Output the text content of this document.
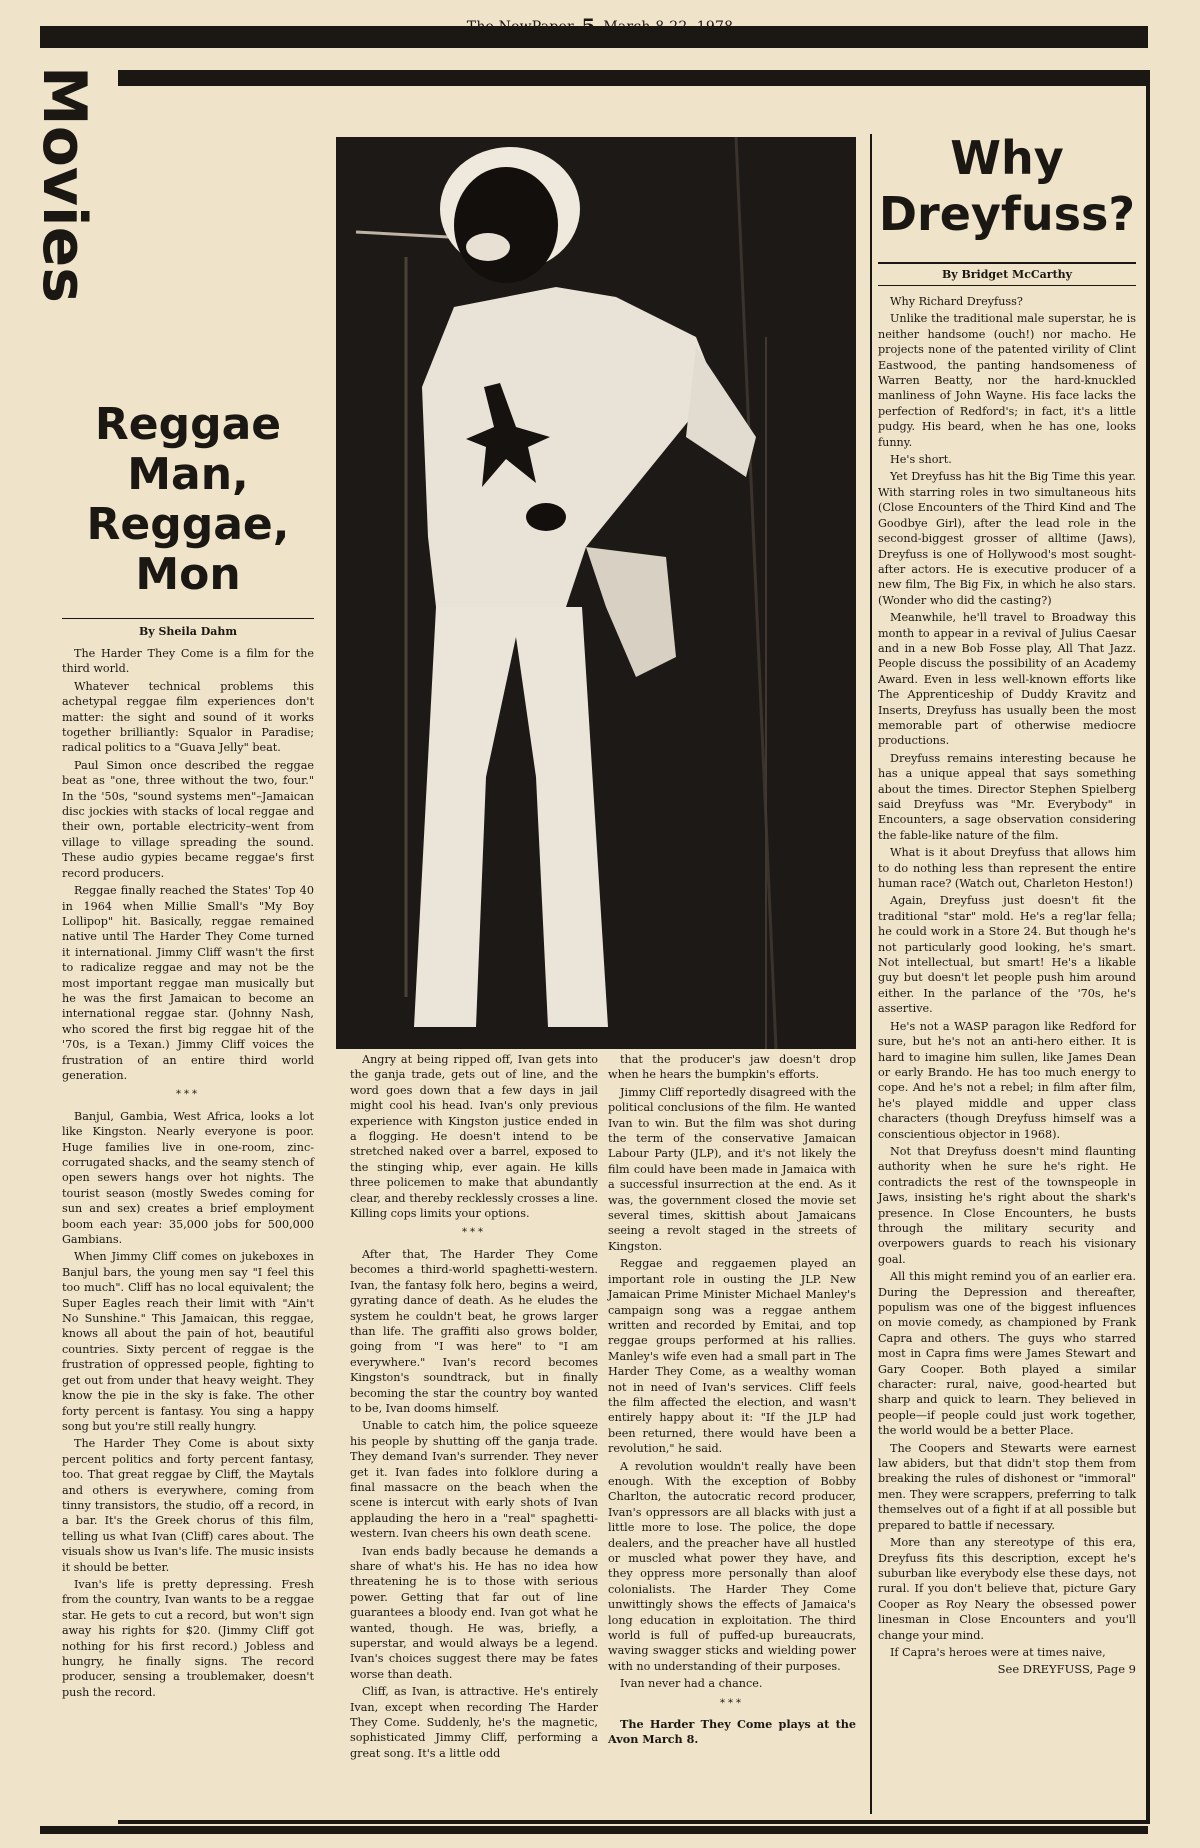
Movies
Reggae Man, Reggae, Mon
By Sheila Dahm

The Harder They Come is a film for the third world.

Whatever technical problems this achetypal reggae film experiences don't matter: the sight and sound of it works together brilliantly: Squalor in Paradise; radical politics to a "Guava Jelly" beat.

Paul Simon once described the reggae beat as "one, three without the two, four." In the '50s, "sound systems men"–Jamaican disc jockies with stacks of local reggae and their own, portable electricity–went from village to village spreading the sound. These audio gypies became reggae's first record producers.

Reggae finally reached the States' Top 40 in 1964 when Millie Small's "My Boy Lollipop" hit. Basically, reggae remained native until The Harder They Come turned it international. Jimmy Cliff wasn't the first to radicalize reggae and may not be the most important reggae man musically but he was the first Jamaican to become an international reggae star. (Johnny Nash, who scored the first big reggae hit of the '70s, is a Texan.) Jimmy Cliff voices the frustration of an entire third world generation.

***

Banjul, Gambia, West Africa, looks a lot like Kingston. Nearly everyone is poor. Huge families live in one-room, zinc-corrugated shacks, and the seamy stench of open sewers hangs over hot nights. The tourist season (mostly Swedes coming for sun and sex) creates a brief employment boom each year: 35,000 jobs for 500,000 Gambians.

When Jimmy Cliff comes on jukeboxes in Banjul bars, the young men say "I feel this too much". Cliff has no local equivalent; the Super Eagles reach their limit with "Ain't No Sunshine." This Jamaican, this reggae, knows all about the pain of hot, beautiful countries. Sixty percent of reggae is the frustration of oppressed people, fighting to get out from under that heavy weight. They know the pie in the sky is fake. The other forty percent is fantasy. You sing a happy song but you're still really hungry.

The Harder They Come is about sixty percent politics and forty percent fantasy, too. That great reggae by Cliff, the Maytals and others is everywhere, coming from tinny transistors, the studio, off a record, in a bar. It's the Greek chorus of this film, telling us what Ivan (Cliff) cares about. The visuals show us Ivan's life. The music insists it should be better.

Ivan's life is pretty depressing. Fresh from the country, Ivan wants to be a reggae star. He gets to cut a record, but won't sign away his rights for $20. (Jimmy Cliff got nothing for his first record.) Jobless and hungry, he finally signs. The record producer, sensing a troublemaker, doesn't push the record.

Angry at being ripped off, Ivan gets into the ganja trade, gets out of line, and the word goes down that a few days in jail might cool his head. Ivan's only previous experience with Kingston justice ended in a flogging. He doesn't intend to be stretched naked over a barrel, exposed to the stinging whip, ever again. He kills three policemen to make that abundantly clear, and thereby recklessly crosses a line. Killing cops limits your options.

***

After that, The Harder They Come becomes a third-world spaghetti-western. Ivan, the fantasy folk hero, begins a weird, gyrating dance of death. As he eludes the system he couldn't beat, he grows larger than life. The graffiti also grows bolder, going from "I was here" to "I am everywhere." Ivan's record becomes Kingston's soundtrack, but in finally becoming the star the country boy wanted to be, Ivan dooms himself.

Unable to catch him, the police squeeze his people by shutting off the ganja trade. They demand Ivan's surrender. They never get it. Ivan fades into folklore during a final massacre on the beach when the scene is intercut with early shots of Ivan applauding the hero in a "real" spaghetti-western. Ivan cheers his own death scene.

Ivan ends badly because he demands a share of what's his. He has no idea how threatening he is to those with serious power. Getting that far out of line guarantees a bloody end. Ivan got what he wanted, though. He was, briefly, a superstar, and would always be a legend. Ivan's choices suggest there may be fates worse than death.

Cliff, as Ivan, is attractive. He's entirely Ivan, except when recording The Harder They Come. Suddenly, he's the magnetic, sophisticated Jimmy Cliff, performing a great song. It's a little odd

that the producer's jaw doesn't drop when he hears the bumpkin's efforts.

Jimmy Cliff reportedly disagreed with the political conclusions of the film. He wanted Ivan to win. But the film was shot during the term of the conservative Jamaican Labour Party (JLP), and it's not likely the film could have been made in Jamaica with a successful insurrection at the end. As it was, the government closed the movie set several times, skittish about Jamaicans seeing a revolt staged in the streets of Kingston.

Reggae and reggaemen played an important role in ousting the JLP. New Jamaican Prime Minister Michael Manley's campaign song was a reggae anthem written and recorded by Emitai, and top reggae groups performed at his rallies. Manley's wife even had a small part in The Harder They Come, as a wealthy woman not in need of Ivan's services. Cliff feels the film affected the election, and wasn't entirely happy about it: "If the JLP had been returned, there would have been a revolution," he said.

A revolution wouldn't really have been enough. With the exception of Bobby Charlton, the autocratic record producer, Ivan's oppressors are all blacks with just a little more to lose. The police, the dope dealers, and the preacher have all hustled or muscled what power they have, and they oppress more personally than aloof colonialists. The Harder They Come unwittingly shows the effects of Jamaica's long education in exploitation. The third world is full of puffed-up bureaucrats, waving swagger sticks and wielding power with no understanding of their purposes.

Ivan never had a chance.

***

The Harder They Come plays at the Avon March 8.

Why Dreyfuss?
By Bridget McCarthy

Why Richard Dreyfuss?

Unlike the traditional male superstar, he is neither handsome (ouch!) nor macho. He projects none of the patented virility of Clint Eastwood, the panting handsomeness of Warren Beatty, nor the hard-knuckled manliness of John Wayne. His face lacks the perfection of Redford's; in fact, it's a little pudgy. His beard, when he has one, looks funny.

He's short.

Yet Dreyfuss has hit the Big Time this year. With starring roles in two simultaneous hits (Close Encounters of the Third Kind and The Goodbye Girl), after the lead role in the second-biggest grosser of alltime (Jaws), Dreyfuss is one of Hollywood's most sought-after actors. He is executive producer of a new film, The Big Fix, in which he also stars. (Wonder who did the casting?)

Meanwhile, he'll travel to Broadway this month to appear in a revival of Julius Caesar and in a new Bob Fosse play, All That Jazz. People discuss the possibility of an Academy Award. Even in less well-known efforts like The Apprenticeship of Duddy Kravitz and Inserts, Dreyfuss has usually been the most memorable part of otherwise mediocre productions.

Dreyfuss remains interesting because he has a unique appeal that says something about the times. Director Stephen Spielberg said Dreyfuss was "Mr. Everybody" in Encounters, a sage observation considering the fable-like nature of the film.

What is it about Dreyfuss that allows him to do nothing less than represent the entire human race? (Watch out, Charleton Heston!)

Again, Dreyfuss just doesn't fit the traditional "star" mold. He's a reg'lar fella; he could work in a Store 24. But though he's not particularly good looking, he's smart. Not intellectual, but smart! He's a likable guy but doesn't let people push him around either. In the parlance of the '70s, he's assertive.

He's not a WASP paragon like Redford for sure, but he's not an anti-hero either. It is hard to imagine him sullen, like James Dean or early Brando. He has too much energy to cope. And he's not a rebel; in film after film, he's played middle and upper class characters (though Dreyfuss himself was a conscientious objector in 1968).

Not that Dreyfuss doesn't mind flaunting authority when he sure he's right. He contradicts the rest of the townspeople in Jaws, insisting he's right about the shark's presence. In Close Encounters, he busts through the military security and overpowers guards to reach his visionary goal.

All this might remind you of an earlier era. During the Depression and thereafter, populism was one of the biggest influences on movie comedy, as championed by Frank Capra and others. The guys who starred most in Capra fims were James Stewart and Gary Cooper. Both played a similar character: rural, naive, good-hearted but sharp and quick to learn. They believed in people—if people could just work together, the world would be a better Place.

The Coopers and Stewarts were earnest law abiders, but that didn't stop them from breaking the rules of dishonest or "immoral" men. They were scrappers, preferring to talk themselves out of a fight if at all possible but prepared to battle if necessary.

More than any stereotype of this era, Dreyfuss fits this description, except he's suburban like everybody else these days, not rural. If you don't believe that, picture Gary Cooper as Roy Neary the obsessed power linesman in Close Encounters and you'll change your mind.

If Capra's heroes were at times naive,

See DREYFUSS, Page 9
